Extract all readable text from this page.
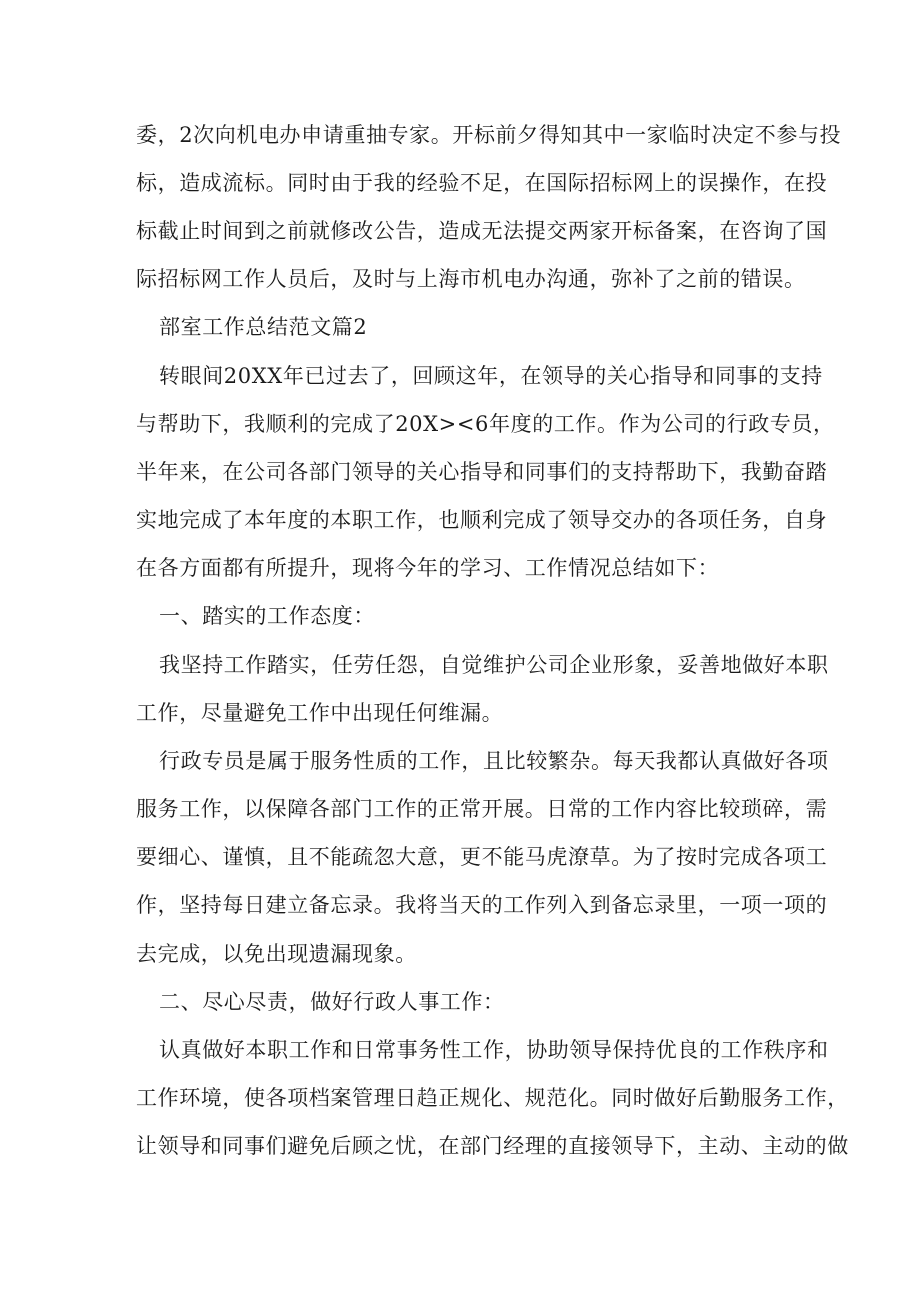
委，2次向机电办申请重抽专家。开标前夕得知其中一家临时决定不参与投
标，造成流标。同时由于我的经验不足，在国际招标网上的误操作，在投
标截止时间到之前就修改公告，造成无法提交两家开标备案，在咨询了国
际招标网工作人员后，及时与上海市机电办沟通，弥补了之前的错误。
部室工作总结范文篇2
转眼间20XX年已过去了，回顾这年，在领导的关心指导和同事的支持
与帮助下，我顺利的完成了20X><6年度的工作。作为公司的行政专员，
半年来，在公司各部门领导的关心指导和同事们的支持帮助下，我勤奋踏
实地完成了本年度的本职工作，也顺利完成了领导交办的各项任务，自身
在各方面都有所提升，现将今年的学习、工作情况总结如下：
一、踏实的工作态度：
我坚持工作踏实，任劳任怨，自觉维护公司企业形象，妥善地做好本职
工作，尽量避免工作中出现任何维漏。
行政专员是属于服务性质的工作，且比较繁杂。每天我都认真做好各项
服务工作，以保障各部门工作的正常开展。日常的工作内容比较琐碎，需
要细心、谨慎，且不能疏忽大意，更不能马虎潦草。为了按时完成各项工
作，坚持每日建立备忘录。我将当天的工作列入到备忘录里，一项一项的
去完成，以免出现遗漏现象。
二、尽心尽责，做好行政人事工作：
认真做好本职工作和日常事务性工作，协助领导保持优良的工作秩序和
工作环境，使各项档案管理日趋正规化、规范化。同时做好后勤服务工作，
让领导和同事们避免后顾之忧，在部门经理的直接领导下，主动、主动的做
